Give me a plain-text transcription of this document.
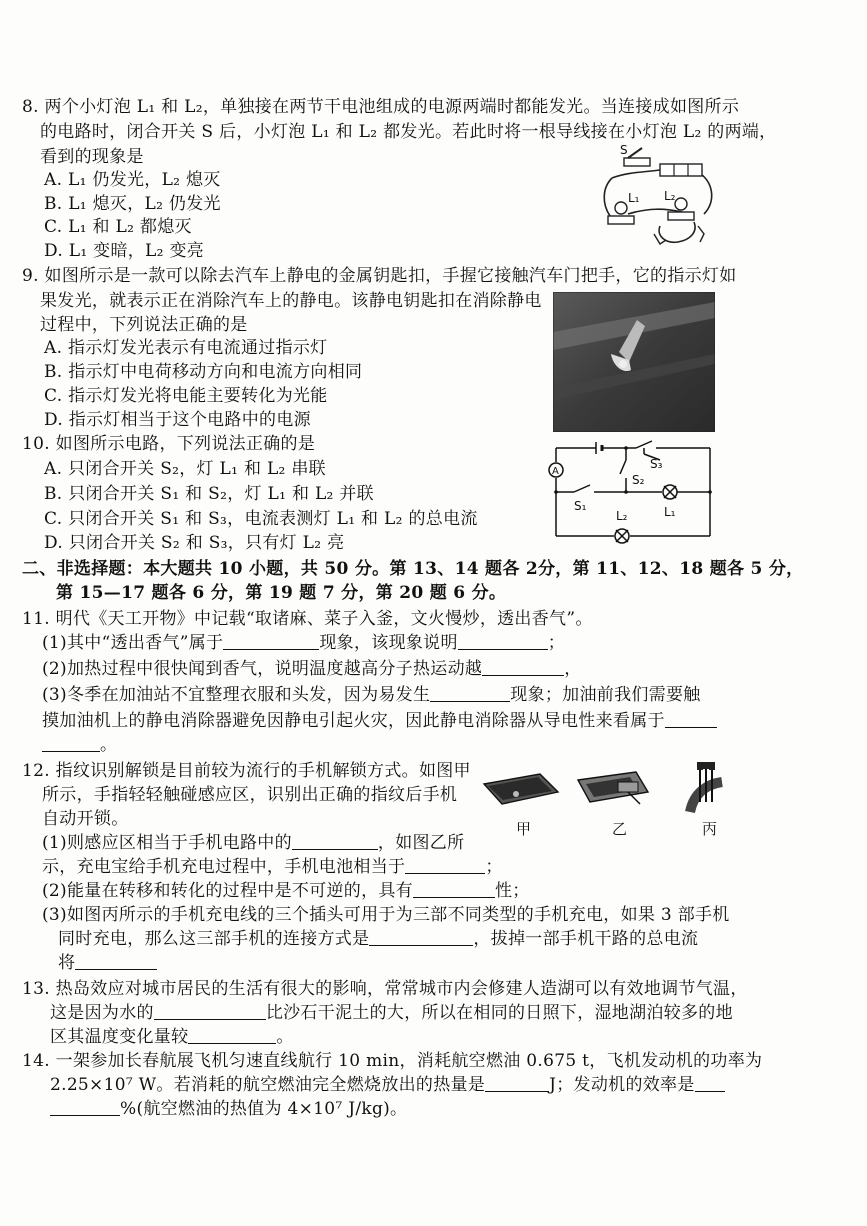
8. 两个小灯泡 L₁ 和 L₂，单独接在两节干电池组成的电源两端时都能发光。当连接成如图所示
的电路时，闭合开关 S 后，小灯泡 L₁ 和 L₂ 都发光。若此时将一根导线接在小灯泡 L₂ 的两端，
看到的现象是
A. L₁ 仍发光，L₂ 熄灭
B. L₁ 熄灭，L₂ 仍发光
C. L₁ 和 L₂ 都熄灭
D. L₁ 变暗，L₂ 变亮
S
L₁ L₂
9. 如图所示是一款可以除去汽车上静电的金属钥匙扣，手握它接触汽车门把手，它的指示灯如
果发光，就表示正在消除汽车上的静电。该静电钥匙扣在消除静电
过程中，下列说法正确的是
A. 指示灯发光表示有电流通过指示灯
B. 指示灯中电荷移动方向和电流方向相同
C. 指示灯发光将电能主要转化为光能
D. 指示灯相当于这个电路中的电源
10. 如图所示电路，下列说法正确的是
A. 只闭合开关 S₂，灯 L₁ 和 L₂ 串联
B. 只闭合开关 S₁ 和 S₂，灯 L₁ 和 L₂ 并联
C. 只闭合开关 S₁ 和 S₃，电流表测灯 L₁ 和 L₂ 的总电流
D. 只闭合开关 S₂ 和 S₃，只有灯 L₂ 亮
A
S₃
S₂
S₁	L₁
L₂
二、非选择题：本大题共 10 小题，共 50 分。第 13、14 题各 2分，第 11、12、18 题各 5 分，
第 15—17 题各 6 分，第 19 题 7 分，第 20 题 6 分。
11. 明代《天工开物》中记载“取诸麻、菜子入釜，文火慢炒，透出香气”。
(1)其中“透出香气”属于	现象，该现象说明	；
(2)加热过程中很快闻到香气，说明温度越高分子热运动越	，
(3)冬季在加油站不宜整理衣服和头发，因为易发生	现象；加油前我们需要触
摸加油机上的静电消除器避免因静电引起火灾，因此静电消除器从导电性来看属于
。
12. 指纹识别解锁是目前较为流行的手机解锁方式。如图甲
所示，手指轻轻触碰感应区，识别出正确的指纹后手机
自动开锁。
(1)则感应区相当于手机电路中的	，如图乙所
示，充电宝给手机充电过程中，手机电池相当于	；
(2)能量在转移和转化的过程中是不可逆的，具有	性；
(3)如图丙所示的手机充电线的三个插头可用于为三部不同类型的手机充电，如果 3 部手机
同时充电，那么这三部手机的连接方式是	，拔掉一部手机干路的总电流
将
甲	乙	丙
13. 热岛效应对城市居民的生活有很大的影响，常常城市内会修建人造湖可以有效地调节气温，
这是因为水的	比沙石干泥土的大，所以在相同的日照下，湿地湖泊较多的地
区其温度变化量较	。
14. 一架参加长春航展飞机匀速直线航行 10 min，消耗航空燃油 0.675 t，飞机发动机的功率为
2.25×10⁷ W。若消耗的航空燃油完全燃烧放出的热量是	J；发动机的效率是
%(航空燃油的热值为 4×10⁷ J/kg)。
